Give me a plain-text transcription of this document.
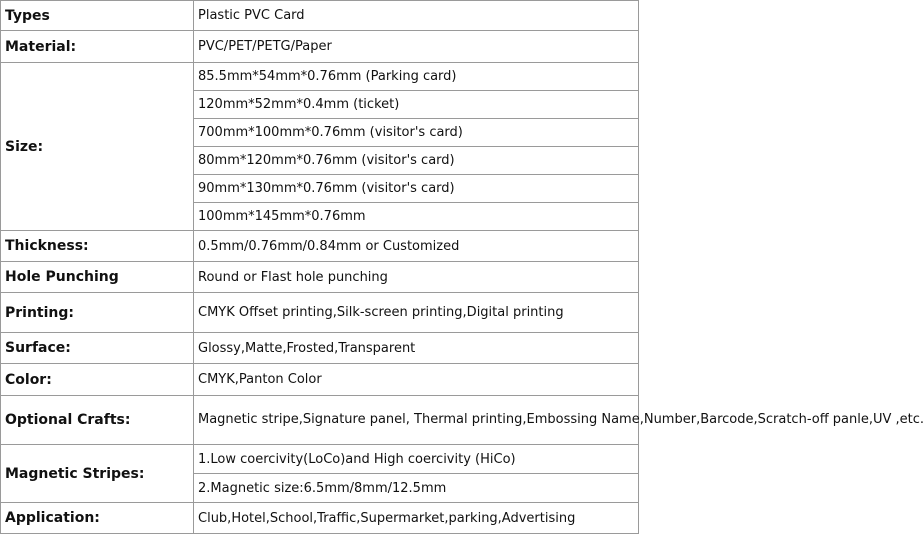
Types	Plastic PVC Card
Material:	PVC/PET/PETG/Paper
Size:	85.5mm*54mm*0.76mm (Parking card)
	120mm*52mm*0.4mm (ticket)
	700mm*100mm*0.76mm (visitor's card)
	80mm*120mm*0.76mm (visitor's card)
	90mm*130mm*0.76mm (visitor's card)
	100mm*145mm*0.76mm
Thickness:	0.5mm/0.76mm/0.84mm or Customized
Hole Punching	Round or Flast hole punching
Printing:	CMYK Offset printing,Silk-screen printing,Digital printing
Surface:	Glossy,Matte,Frosted,Transparent
Color:	CMYK,Panton Color
Optional Crafts:	Magnetic stripe,Signature panel, Thermal printing,Embossing Name,Number,Barcode,Scratch-off panle,UV ,etc.
Magnetic Stripes:	1.Low coercivity(LoCo)and High coercivity (HiCo)
	2.Magnetic size:6.5mm/8mm/12.5mm
Application:	Club,Hotel,School,Traffic,Supermarket,parking,Advertising
